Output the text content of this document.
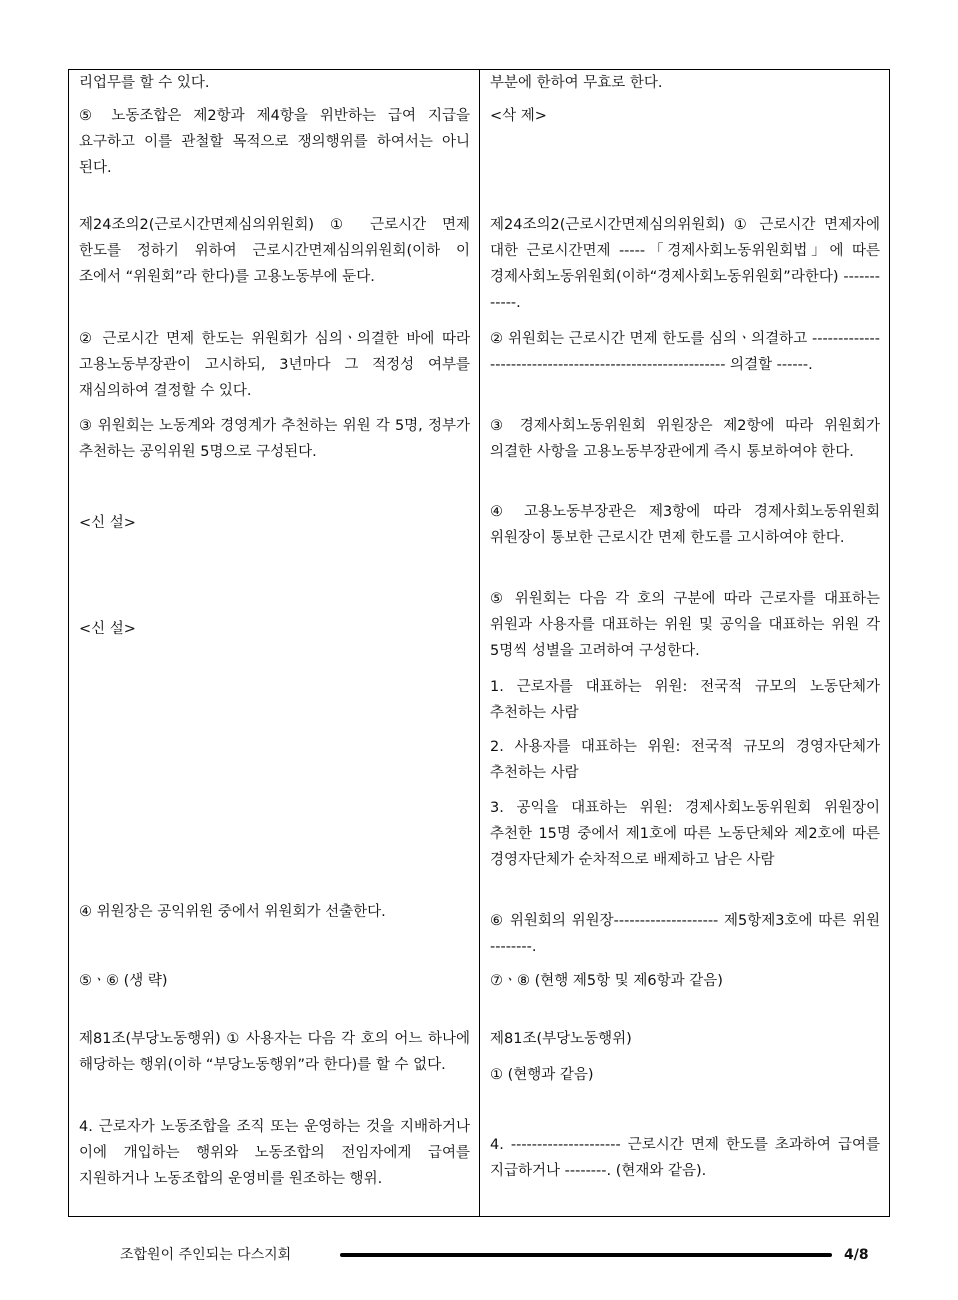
리업무를 할 수 있다.

⑤ 노동조합은 제2항과 제4항을 위반하는 급여 지급을 요구하고 이를 관철할 목적으로 쟁의행위를 하여서는 아니 된다.

제24조의2(근로시간면제심의위원회) ① 근로시간 면제 한도를 정하기 위하여 근로시간면제심의위원회(이하 이 조에서 “위원회”라 한다)를 고용노동부에 둔다.

② 근로시간 면제 한도는 위원회가 심의ㆍ의결한 바에 따라 고용노동부장관이 고시하되, 3년마다 그 적정성 여부를 재심의하여 결정할 수 있다.

③ 위원회는 노동계와 경영계가 추천하는 위원 각 5명, 정부가 추천하는 공익위원 5명으로 구성된다.

<신 설>

<신 설>

④ 위원장은 공익위원 중에서 위원회가 선출한다.

⑤ㆍ⑥ (생 략)

제81조(부당노동행위) ① 사용자는 다음 각 호의 어느 하나에 해당하는 행위(이하 “부당노동행위”라 한다)를 할 수 없다.

4. 근로자가 노동조합을 조직 또는 운영하는 것을 지배하거나 이에 개입하는 행위와 노동조합의 전임자에게 급여를 지원하거나 노동조합의 운영비를 원조하는 행위.

부분에 한하여 무효로 한다.

<삭 제>

제24조의2(근로시간면제심의위원회) ① 근로시간 면제자에 대한 근로시간면제 -----「경제사회노동위원회법」에 따른 경제사회노동위원회(이하“경제사회노동위원회”라한다) ------------.

② 위원회는 근로시간 면제 한도를 심의ㆍ의결하고 ---------------------------------------------------------- 의결할 ------.

③ 경제사회노동위원회 위원장은 제2항에 따라 위원회가 의결한 사항을 고용노동부장관에게 즉시 통보하여야 한다.

④ 고용노동부장관은 제3항에 따라 경제사회노동위원회 위원장이 통보한 근로시간 면제 한도를 고시하여야 한다.

⑤ 위원회는 다음 각 호의 구분에 따라 근로자를 대표하는 위원과 사용자를 대표하는 위원 및 공익을 대표하는 위원 각 5명씩 성별을 고려하여 구성한다.

1. 근로자를 대표하는 위원: 전국적 규모의 노동단체가 추천하는 사람

2. 사용자를 대표하는 위원: 전국적 규모의 경영자단체가 추천하는 사람

3. 공익을 대표하는 위원: 경제사회노동위원회 위원장이 추천한 15명 중에서 제1호에 따른 노동단체와 제2호에 따른 경영자단체가 순차적으로 배제하고 남은 사람

⑥ 위원회의 위원장-------------------- 제5항제3호에 따른 위원 --------.

⑦ㆍ⑧ (현행 제5항 및 제6항과 같음)

제81조(부당노동행위)

① (현행과 같음)

4. --------------------- 근로시간 면제 한도를 초과하여 급여를 지급하거나 --------. (현재와 같음).

조합원이 주인되는 다스지회	4/8
